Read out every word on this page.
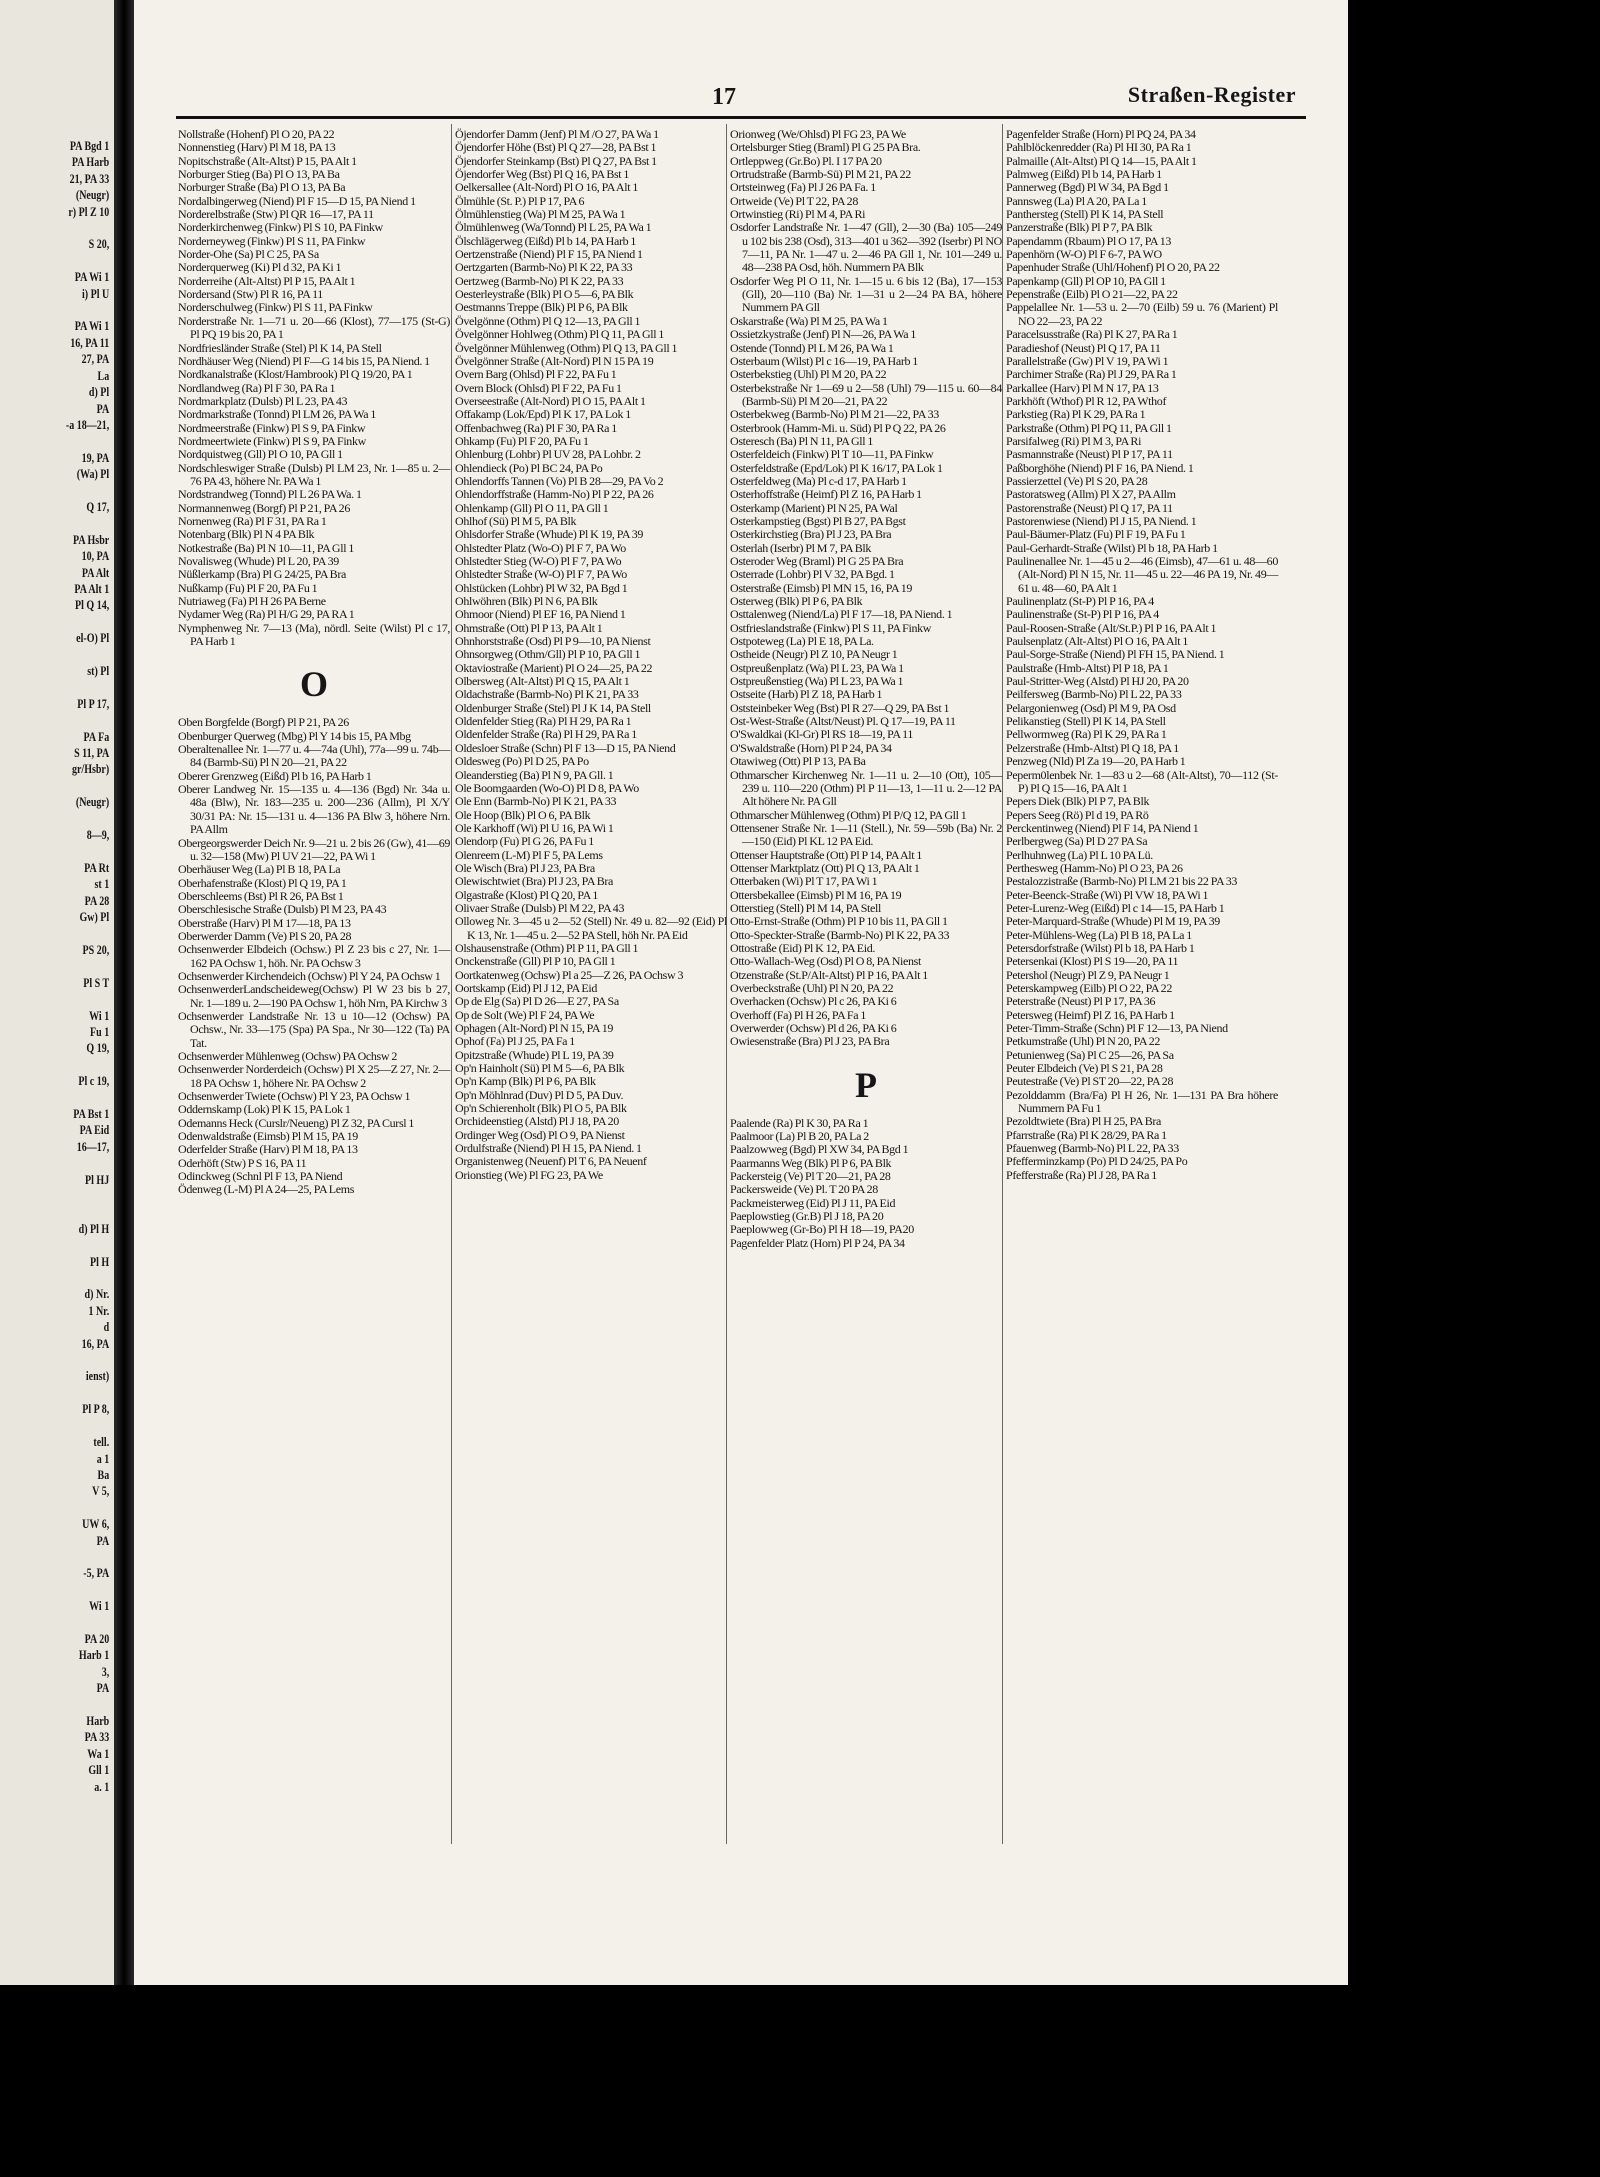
PA Bgd 1
PA Harb
21, PA 33
(Neugr)
r) Pl Z 10

S 20,

PA Wi 1
i) Pl U

PA Wi 1
16, PA 11
27, PA
La
d) Pl
PA
-a 18—21,

19, PA
(Wa) Pl

Q 17,

PA Hsbr
10, PA
PA Alt
PA Alt 1
Pl Q 14,

el-O) Pl

st) Pl

Pl P 17,

PA Fa
S 11, PA
gr/Hsbr)

(Neugr)

8—9,

PA Rt
st 1
PA 28
Gw) Pl

PS 20,

Pl S T

Wi 1
Fu 1
Q 19,

Pl c 19,

PA Bst 1
PA Eid
16—17,

Pl HJ

d) Pl H

Pl H

d) Nr.
1 Nr.
d
16, PA

ienst)

Pl P 8,

tell.
a 1
Ba
V 5,

UW 6,
PA

-5, PA

Wi 1

PA 20
Harb 1
3,
PA

Harb
PA 33
Wa 1
Gll 1
a. 1
17	Straßen-Register
Nollstraße (Hohenf) Pl O 20, PA 22
Nonnenstieg (Harv) Pl M 18, PA 13
Nopitschstraße (Alt-Altst) P 15, PA Alt 1
Norburger Stieg (Ba) Pl O 13, PA Ba
Norburger Straße (Ba) Pl O 13, PA Ba
Nordalbingerweg (Niend) Pl F 15—D 15, PA Niend 1
Norderelbstraße (Stw) Pl QR 16—17, PA 11
Norderkirchenweg (Finkw) Pl S 10, PA Finkw
Norderneyweg (Finkw) Pl S 11, PA Finkw
Norder-Ohe (Sa) Pl C 25, PA Sa
Norderquerweg (Ki) Pl d 32, PA Ki 1
Norderreihe (Alt-Altst) Pl P 15, PA Alt 1
Nordersand (Stw) Pl R 16, PA 11
Norderschulweg (Finkw) Pl S 11, PA Finkw
Norderstraße Nr. 1—71 u. 20—66 (Klost), 77—175 (St-G) Pl PQ 19 bis 20, PA 1
Nordfriesländer Straße (Stel) Pl K 14, PA Stell
Nordhäuser Weg (Niend) Pl F—G 14 bis 15, PA Niend. 1
Nordkanalstraße (Klost/Hambrook) Pl Q 19/20, PA 1
Nordlandweg (Ra) Pl F 30, PA Ra 1
Nordmarkplatz (Dulsb) Pl L 23, PA 43
Nordmarkstraße (Tonnd) Pl LM 26, PA Wa 1
Nordmeerstraße (Finkw) Pl S 9, PA Finkw
Nordmeertwiete (Finkw) Pl S 9, PA Finkw
Nordquistweg (Gll) Pl O 10, PA Gll 1
Nordschleswiger Straße (Dulsb) Pl LM 23, Nr. 1—85 u. 2—76 PA 43, höhere Nr. PA Wa 1
Nordstrandweg (Tonnd) Pl L 26 PA Wa. 1
Normannenweg (Borgf) Pl P 21, PA 26
Nornenweg (Ra) Pl F 31, PA Ra 1
Notenbarg (Blk) Pl N 4 PA Blk
Notkestraße (Ba) Pl N 10—11, PA Gll 1
Novalisweg (Whude) Pl L 20, PA 39
Nüßlerkamp (Bra) Pl G 24/25, PA Bra
Nußkamp (Fu) Pl F 20, PA Fu 1
Nutriaweg (Fa) Pl H 26 PA Berne
Nydamer Weg (Ra) Pl H/G 29, PA RA 1
Nymphenweg Nr. 7—13 (Ma), nördl. Seite (Wilst) Pl c 17, PA Harb 1
O
Oben Borgfelde (Borgf) Pl P 21, PA 26
Obenburger Querweg (Mbg) Pl Y 14 bis 15, PA Mbg
Oberaltenallee Nr. 1—77 u. 4—74a (Uhl), 77a—99 u. 74b—84 (Barmb-Sü) Pl N 20—21, PA 22
Oberer Grenzweg (Eißd) Pl b 16, PA Harb 1
Oberer Landweg Nr. 15—135 u. 4—136 (Bgd) Nr. 34a u. 48a (Blw), Nr. 183—235 u. 200—236 (Allm), Pl X/Y 30/31 PA: Nr. 15—131 u. 4—136 PA Blw 3, höhere Nrn. PA Allm
Obergeorgswerder Deich Nr. 9—21 u. 2 bis 26 (Gw), 41—69 u. 32—158 (Mw) Pl UV 21—22, PA Wi 1
Oberhäuser Weg (La) Pl B 18, PA La
Oberhafenstraße (Klost) Pl Q 19, PA 1
Oberschleems (Bst) Pl R 26, PA Bst 1
Oberschlesische Straße (Dulsb) Pl M 23, PA 43
Oberstraße (Harv) Pl M 17—18, PA 13
Oberwerder Damm (Ve) Pl S 20, PA 28
Ochsenwerder Elbdeich (Ochsw.) Pl Z 23 bis c 27, Nr. 1—162 PA Ochsw 1, höh. Nr. PA Ochsw 3
Ochsenwerder Kirchendeich (Ochsw) Pl Y 24, PA Ochsw 1
OchsenwerderLandscheideweg(Ochsw) Pl W 23 bis b 27, Nr. 1—189 u. 2—190 PA Ochsw 1, höh Nrn, PA Kirchw 3
Ochsenwerder Landstraße Nr. 13 u 10—12 (Ochsw) PA Ochsw., Nr. 33—175 (Spa) PA Spa., Nr 30—122 (Ta) PA Tat.
Ochsenwerder Mühlenweg (Ochsw) PA Ochsw 2
Ochsenwerder Norderdeich (Ochsw) Pl X 25—Z 27, Nr. 2—18 PA Ochsw 1, höhere Nr. PA Ochsw 2
Ochsenwerder Twiete (Ochsw) Pl Y 23, PA Ochsw 1
Oddernskamp (Lok) Pl K 15, PA Lok 1
Odemanns Heck (Curslr/Neueng) Pl Z 32, PA Cursl 1
Odenwaldstraße (Eimsb) Pl M 15, PA 19
Oderfelder Straße (Harv) Pl M 18, PA 13
Oderhöft (Stw) P S 16, PA 11
Odinckweg (Schnl Pl F 13, PA Niend
Ödenweg (L-M) Pl A 24—25, PA Lems
Öjendorfer Damm (Jenf) Pl M /O 27, PA Wa 1
Öjendorfer Höhe (Bst) Pl Q 27—28, PA Bst 1
Öjendorfer Steinkamp (Bst) Pl Q 27, PA Bst 1
Öjendorfer Weg (Bst) Pl Q 16, PA Bst 1
Oelkersallee (Alt-Nord) Pl O 16, PA Alt 1
Ölmühle (St. P.) Pl P 17, PA 6
Ölmühlenstieg (Wa) Pl M 25, PA Wa 1
Ölmühlenweg (Wa/Tonnd) Pl L 25, PA Wa 1
Ölschlägerweg (Eißd) Pl b 14, PA Harb 1
Oertzenstraße (Niend) Pl F 15, PA Niend 1
Oertzgarten (Barmb-No) Pl K 22, PA 33
Oertzweg (Barmb-No) Pl K 22, PA 33
Oesterleystraße (Blk) Pl O 5—6, PA Blk
Oestmanns Treppe (Blk) Pl P 6, PA Blk
Övelgönne (Othm) Pl Q 12—13, PA Gll 1
Övelgönner Hohlweg (Othm) Pl Q 11, PA Gll 1
Övelgönner Mühlenweg (Othm) Pl Q 13, PA Gll 1
Övelgönner Straße (Alt-Nord) Pl N 15 PA 19
Overn Barg (Ohlsd) Pl F 22, PA Fu 1
Overn Block (Ohlsd) Pl F 22, PA Fu 1
Overseestraße (Alt-Nord) Pl O 15, PA Alt 1
Offakamp (Lok/Epd) Pl K 17, PA Lok 1
Offenbachweg (Ra) Pl F 30, PA Ra 1
Ohkamp (Fu) Pl F 20, PA Fu 1
Ohlenburg (Lohbr) Pl UV 28, PA Lohbr. 2
Ohlendieck (Po) Pl BC 24, PA Po
Ohlendorffs Tannen (Vo) Pl B 28—29, PA Vo 2
Ohlendorffstraße (Hamm-No) Pl P 22, PA 26
Ohlenkamp (Gll) Pl O 11, PA Gll 1
Ohlhof (Sü) Pl M 5, PA Blk
Ohlsdorfer Straße (Whude) Pl K 19, PA 39
Ohlstedter Platz (Wo-O) Pl F 7, PA Wo
Ohlstedter Stieg (W-O) Pl F 7, PA Wo
Ohlstedter Straße (W-O) Pl F 7, PA Wo
Ohlstücken (Lohbr) Pl W 32, PA Bgd 1
Ohlwöhren (Blk) Pl N 6, PA Blk
Ohmoor (Niend) Pl EF 16, PA Niend 1
Ohmstraße (Ott) Pl P 13, PA Alt 1
Ohnhorststraße (Osd) Pl P 9—10, PA Nienst
Ohnsorgweg (Othm/Gll) Pl P 10, PA Gll 1
Oktaviostraße (Marient) Pl O 24—25, PA 22
Olbersweg (Alt-Altst) Pl Q 15, PA Alt 1
Oldachstraße (Barmb-No) Pl K 21, PA 33
Oldenburger Straße (Stel) Pl J K 14, PA Stell
Oldenfelder Stieg (Ra) Pl H 29, PA Ra 1
Oldenfelder Straße (Ra) Pl H 29, PA Ra 1
Oldesloer Straße (Schn) Pl F 13—D 15, PA Niend
Oldesweg (Po) Pl D 25, PA Po
Oleanderstieg (Ba) Pl N 9, PA Gll. 1
Ole Boomgaarden (Wo-O) Pl D 8, PA Wo
Ole Enn (Barmb-No) Pl K 21, PA 33
Ole Hoop (Blk) Pl O 6, PA Blk
Ole Karkhoff (Wi) Pl U 16, PA Wi 1
Olendorp (Fu) Pl G 26, PA Fu 1
Olenreem (L-M) Pl F 5, PA Lems
Ole Wisch (Bra) Pl J 23, PA Bra
Olewischtwiet (Bra) Pl J 23, PA Bra
Olgastraße (Klost) Pl Q 20, PA 1
Olivaer Straße (Dulsb) Pl M 22, PA 43
Olloweg Nr. 3—45 u 2—52 (Stell) Nr. 49 u. 82—92 (Eid) Pl K 13, Nr. 1—45 u. 2—52 PA Stell, höh Nr. PA Eid
Olshausenstraße (Othm) Pl P 11, PA Gll 1
Onckenstraße (Gll) Pl P 10, PA Gll 1
Oortkatenweg (Ochsw) Pl a 25—Z 26, PA Ochsw 3
Oortskamp (Eid) Pl J 12, PA Eid
Op de Elg (Sa) Pl D 26—E 27, PA Sa
Op de Solt (We) Pl F 24, PA We
Ophagen (Alt-Nord) Pl N 15, PA 19
Ophof (Fa) Pl J 25, PA Fa 1
Opitzstraße (Whude) Pl L 19, PA 39
Op'n Hainholt (Sü) Pl M 5—6, PA Blk
Op'n Kamp (Blk) Pl P 6, PA Blk
Op'n Möhlnrad (Duv) Pl D 5, PA Duv.
Op'n Schierenholt (Blk) Pl O 5, PA Blk
Orchideenstieg (Alstd) Pl J 18, PA 20
Ordinger Weg (Osd) Pl O 9, PA Nienst
Ordulfstraße (Niend) Pl H 15, PA Niend. 1
Organistenweg (Neuenf) Pl T 6, PA Neuenf
Orionstieg (We) Pl FG 23, PA We
Orionweg (We/Ohlsd) Pl FG 23, PA We
Ortelsburger Stieg (Braml) Pl G 25 PA Bra.
Ortleppweg (Gr.Bo) Pl. I 17 PA 20
Ortrudstraße (Barmb-Sü) Pl M 21, PA 22
Ortsteinweg (Fa) Pl J 26 PA Fa. 1
Ortweide (Ve) Pl T 22, PA 28
Ortwinstieg (Ri) Pl M 4, PA Ri
Osdorfer Landstraße Nr. 1—47 (Gll), 2—30 (Ba) 105—249 u 102 bis 238 (Osd), 313—401 u 362—392 (Iserbr) Pl NO 7—11, PA Nr. 1—47 u. 2—46 PA Gll 1, Nr. 101—249 u. 48—238 PA Osd, höh. Nummern PA Blk
Osdorfer Weg Pl O 11, Nr. 1—15 u. 6 bis 12 (Ba), 17—153 (Gll), 20—110 (Ba) Nr. 1—31 u 2—24 PA BA, höhere Nummern PA Gll
Oskarstraße (Wa) Pl M 25, PA Wa 1
Ossietzkystraße (Jenf) Pl N—26, PA Wa 1
Ostende (Tonnd) Pl L M 26, PA Wa 1
Osterbaum (Wilst) Pl c 16—19, PA Harb 1
Osterbekstieg (Uhl) Pl M 20, PA 22
Osterbekstraße Nr 1—69 u 2—58 (Uhl) 79—115 u. 60—84 (Barmb-Sü) Pl M 20—21, PA 22
Osterbekweg (Barmb-No) Pl M 21—22, PA 33
Osterbrook (Hamm-Mi. u. Süd) Pl P Q 22, PA 26
Osteresch (Ba) Pl N 11, PA Gll 1
Osterfeldeich (Finkw) Pl T 10—11, PA Finkw
Osterfeldstraße (Epd/Lok) Pl K 16/17, PA Lok 1
Osterfeldweg (Ma) Pl c-d 17, PA Harb 1
Osterhoffstraße (Heimf) Pl Z 16, PA Harb 1
Osterkamp (Marient) Pl N 25, PA Wal
Osterkampstieg (Bgst) Pl B 27, PA Bgst
Osterkirchstieg (Bra) Pl J 23, PA Bra
Osterlah (Iserbr) Pl M 7, PA Blk
Osteroder Weg (Braml) Pl G 25 PA Bra
Osterrade (Lohbr) Pl V 32, PA Bgd. 1
Osterstraße (Eimsb) Pl MN 15, 16, PA 19
Osterweg (Blk) Pl P 6, PA Blk
Osttalenweg (Niend/La) Pl F 17—18, PA Niend. 1
Ostfrieslandstraße (Finkw) Pl S 11, PA Finkw
Ostpoteweg (La) Pl E 18, PA La.
Ostheide (Neugr) Pl Z 10, PA Neugr 1
Ostpreußenplatz (Wa) Pl L 23, PA Wa 1
Ostpreußenstieg (Wa) Pl L 23, PA Wa 1
Ostseite (Harb) Pl Z 18, PA Harb 1
Oststeinbeker Weg (Bst) Pl R 27—Q 29, PA Bst 1
Ost-West-Straße (Altst/Neust) Pl. Q 17—19, PA 11
O'Swaldkai (Kl-Gr) Pl RS 18—19, PA 11
O'Swaldstraße (Horn) Pl P 24, PA 34
Otawiweg (Ott) Pl P 13, PA Ba
Othmarscher Kirchenweg Nr. 1—11 u. 2—10 (Ott), 105—239 u. 110—220 (Othm) Pl P 11—13, 1—11 u. 2—12 PA Alt höhere Nr. PA Gll
Othmarscher Mühlenweg (Othm) Pl P/Q 12, PA Gll 1
Ottensener Straße Nr. 1—11 (Stell.), Nr. 59—59b (Ba) Nr. 2—150 (Eid) Pl KL 12 PA Eid.
Ottenser Hauptstraße (Ott) Pl P 14, PA Alt 1
Ottenser Marktplatz (Ott) Pl Q 13, PA Alt 1
Otterbaken (Wi) Pl T 17, PA Wi 1
Ottersbekallee (Eimsb) Pl M 16, PA 19
Otterstieg (Stell) Pl M 14, PA Stell
Otto-Ernst-Straße (Othm) Pl P 10 bis 11, PA Gll 1
Otto-Speckter-Straße (Barmb-No) Pl K 22, PA 33
Ottostraße (Eid) Pl K 12, PA Eid.
Otto-Wallach-Weg (Osd) Pl O 8, PA Nienst
Otzenstraße (St.P/Alt-Altst) Pl P 16, PA Alt 1
Overbeckstraße (Uhl) Pl N 20, PA 22
Overhacken (Ochsw) Pl c 26, PA Ki 6
Overhoff (Fa) Pl H 26, PA Fa 1
Overwerder (Ochsw) Pl d 26, PA Ki 6
Owiesenstraße (Bra) Pl J 23, PA Bra
P
Paalende (Ra) Pl K 30, PA Ra 1
Paalmoor (La) Pl B 20, PA La 2
Paalzowweg (Bgd) Pl XW 34, PA Bgd 1
Paarmanns Weg (Blk) Pl P 6, PA Blk
Packersteig (Ve) Pl T 20—21, PA 28
Packersweide (Ve) Pl. T 20 PA 28
Packmeisterweg (Eid) Pl J 11, PA Eid
Paeplowstieg (Gr.B) Pl J 18, PA 20
Paeplowweg (Gr-Bo) Pl H 18—19, PA20
Pagenfelder Platz (Horn) Pl P 24, PA 34
Pagenfelder Straße (Horn) Pl PQ 24, PA 34
Pahlblöckenredder (Ra) Pl HI 30, PA Ra 1
Palmaille (Alt-Altst) Pl Q 14—15, PA Alt 1
Palmweg (Eißd) Pl b 14, PA Harb 1
Pannerweg (Bgd) Pl W 34, PA Bgd 1
Pannsweg (La) Pl A 20, PA La 1
Panthersteg (Stell) Pl K 14, PA Stell
Panzerstraße (Blk) Pl P 7, PA Blk
Papendamm (Rbaum) Pl O 17, PA 13
Papenhörn (W-O) Pl F 6-7, PA WO
Papenhuder Straße (Uhl/Hohenf) Pl O 20, PA 22
Papenkamp (Gll) Pl OP 10, PA Gll 1
Pepenstraße (Eilb) Pl O 21—22, PA 22
Pappelallee Nr. 1—53 u. 2—70 (Eilb) 59 u. 76 (Marient) Pl NO 22—23, PA 22
Paracelsusstraße (Ra) Pl K 27, PA Ra 1
Paradieshof (Neust) Pl Q 17, PA 11
Parallelstraße (Gw) Pl V 19, PA Wi 1
Parchimer Straße (Ra) Pl J 29, PA Ra 1
Parkallee (Harv) Pl M N 17, PA 13
Parkhöft (Wthof) Pl R 12, PA Wthof
Parkstieg (Ra) Pl K 29, PA Ra 1
Parkstraße (Othm) Pl PQ 11, PA Gll 1
Parsifalweg (Ri) Pl M 3, PA Ri
Pasmannstraße (Neust) Pl P 17, PA 11
Paßborghöhe (Niend) Pl F 16, PA Niend. 1
Passierzettel (Ve) Pl S 20, PA 28
Pastoratsweg (Allm) Pl X 27, PA Allm
Pastorenstraße (Neust) Pl Q 17, PA 11
Pastorenwiese (Niend) Pl J 15, PA Niend. 1
Paul-Bäumer-Platz (Fu) Pl F 19, PA Fu 1
Paul-Gerhardt-Straße (Wilst) Pl b 18, PA Harb 1
Paulinenallee Nr. 1—45 u 2—46 (Eimsb), 47—61 u. 48—60 (Alt-Nord) Pl N 15, Nr. 11—45 u. 22—46 PA 19, Nr. 49—61 u. 48—60, PA Alt 1
Paulinenplatz (St-P) Pl P 16, PA 4
Paulinenstraße (St-P) Pl P 16, PA 4
Paul-Roosen-Straße (Alt/St.P.) Pl P 16, PA Alt 1
Paulsenplatz (Alt-Altst) Pl O 16, PA Alt 1
Paul-Sorge-Straße (Niend) Pl FH 15, PA Niend. 1
Paulstraße (Hmb-Altst) Pl P 18, PA 1
Paul-Stritter-Weg (Alstd) Pl HJ 20, PA 20
Peilfersweg (Barmb-No) Pl L 22, PA 33
Pelargonienweg (Osd) Pl M 9, PA Osd
Pelikanstieg (Stell) Pl K 14, PA Stell
Pellwormweg (Ra) Pl K 29, PA Ra 1
Pelzerstraße (Hmb-Altst) Pl Q 18, PA 1
Penzweg (Nld) Pl Za 19—20, PA Harb 1
Peperm0lenbek Nr. 1—83 u 2—68 (Alt-Altst), 70—112 (St-P) Pl Q 15—16, PA Alt 1
Pepers Diek (Blk) Pl P 7, PA Blk
Pepers Seeg (Rö) Pl d 19, PA Rö
Perckentinweg (Niend) Pl F 14, PA Niend 1
Perlbergweg (Sa) Pl D 27 PA Sa
Perlhuhnweg (La) Pl L 10 PA Lü.
Perthesweg (Hamm-No) Pl O 23, PA 26
Pestalozzistraße (Barmb-No) Pl LM 21 bis 22 PA 33
Peter-Beenck-Straße (Wi) Pl VW 18, PA Wi 1
Peter-Lurenz-Weg (Eißd) Pl c 14—15, PA Harb 1
Peter-Marquard-Straße (Whude) Pl M 19, PA 39
Peter-Mühlens-Weg (La) Pl B 18, PA La 1
Petersdorfstraße (Wilst) Pl b 18, PA Harb 1
Petersenkai (Klost) Pl S 19—20, PA 11
Petershol (Neugr) Pl Z 9, PA Neugr 1
Peterskampweg (Eilb) Pl O 22, PA 22
Peterstraße (Neust) Pl P 17, PA 36
Petersweg (Heimf) Pl Z 16, PA Harb 1
Peter-Timm-Straße (Schn) Pl F 12—13, PA Niend
Petkumstraße (Uhl) Pl N 20, PA 22
Petunienweg (Sa) Pl C 25—26, PA Sa
Peuter Elbdeich (Ve) Pl S 21, PA 28
Peutestraße (Ve) Pl ST 20—22, PA 28
Pezolddamm (Bra/Fa) Pl H 26, Nr. 1—131 PA Bra höhere Nummern PA Fu 1
Pezoldtwiete (Bra) Pl H 25, PA Bra
Pfarrstraße (Ra) Pl K 28/29, PA Ra 1
Pfauenweg (Barmb-No) Pl L 22, PA 33
Pfefferminzkamp (Po) Pl D 24/25, PA Po
Pfefferstraße (Ra) Pl J 28, PA Ra 1
